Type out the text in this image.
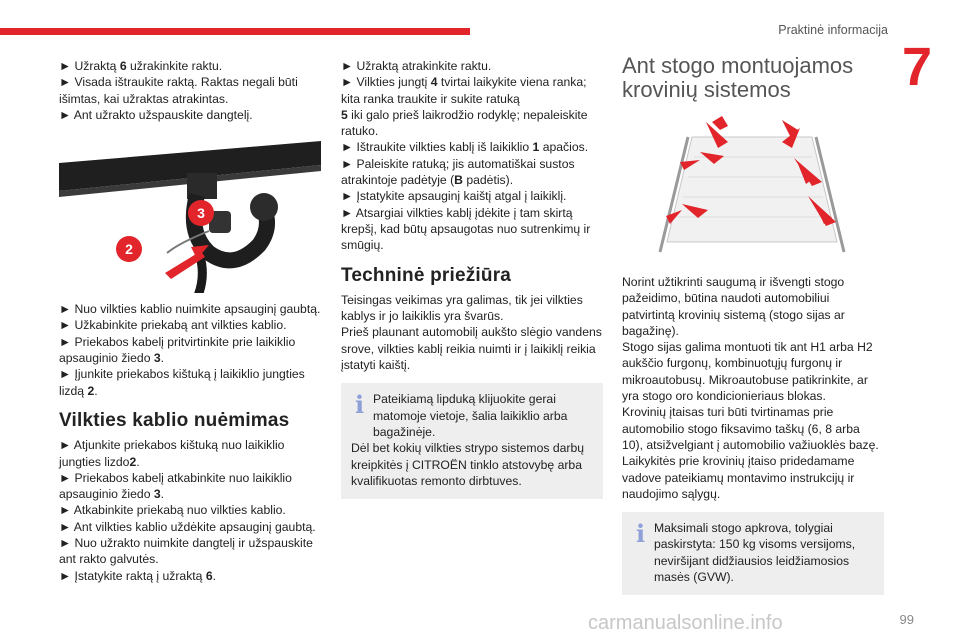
Praktinė informacija
7

► Užraktą 6 užrakinkite raktu.

► Visada ištraukite raktą. Raktas negali būti išimtas, kai užraktas atrakintas.

► Ant užrakto užspauskite dangtelį.

2
3

► Nuo vilkties kablio nuimkite apsauginį gaubtą.

► Užkabinkite priekabą ant vilkties kablio.

► Priekabos kabelį pritvirtinkite prie laikiklio apsauginio žiedo 3.

► Įjunkite priekabos kištuką į laikiklio jungties lizdą 2.

Vilkties kablio nuėmimas

► Atjunkite priekabos kištuką nuo laikiklio jungties lizdo2.

► Priekabos kabelį atkabinkite nuo laikiklio apsauginio žiedo 3.

► Atkabinkite priekabą nuo vilkties kablio.

► Ant vilkties kablio uždėkite apsauginį gaubtą.

► Nuo užrakto nuimkite dangtelį ir užspauskite ant rakto galvutės.

► Įstatykite raktą į užraktą 6.

► Užraktą atrakinkite raktu.

► Vilkties jungtį 4 tvirtai laikykite viena ranka; kita ranka traukite ir sukite ratuką

5 iki galo prieš laikrodžio rodyklę; nepaleiskite ratuko.

► Ištraukite vilkties kablį iš laikiklio 1 apačios.

► Paleiskite ratuką; jis automatiškai sustos atrakintoje padėtyje (B padėtis).

► Įstatykite apsauginį kaištį atgal į laikiklį.

► Atsargiai vilkties kablį įdėkite į tam skirtą krepšį, kad būtų apsaugotas nuo sutrenkimų ir smūgių.

Techninė priežiūra

Teisingas veikimas yra galimas, tik jei vilkties kablys ir jo laikiklis yra švarūs.

Prieš plaunant automobilį aukšto slėgio vandens srove, vilkties kablį reikia nuimti ir į laikiklį reikia įstatyti kaištį.

i Pateikiamą lipduką klijuokite gerai matomoje vietoje, šalia laikiklio arba bagažinėje.

Dėl bet kokių vilkties strypo sistemos darbų kreipkitės į CITROËN tinklo atstovybę arba kvalifikuotas remonto dirbtuves.

Ant stogo montuojamos
krovinių sistemos

Norint užtikrinti saugumą ir išvengti stogo pažeidimo, būtina naudoti automobiliui patvirtintą krovinių sistemą (stogo sijas ar bagažinę).

Stogo sijas galima montuoti tik ant H1 arba H2 aukščio furgonų, kombinuotųjų furgonų ir mikroautobusų. Mikroautobuse patikrinkite, ar yra stogo oro kondicionieriaus blokas.

Krovinių įtaisas turi būti tvirtinamas prie automobilio stogo fiksavimo taškų (6, 8 arba 10), atsižvelgiant į automobilio važiuoklės bazę. Laikykitės prie krovinių įtaiso pridedamame vadove pateikiamų montavimo instrukcijų ir naudojimo sąlygų.

i Maksimali stogo apkrova, tolygiai paskirstyta: 150 kg visoms versijoms, neviršijant didžiausios leidžiamosios masės (GVW).

carmanualsonline.info	99
